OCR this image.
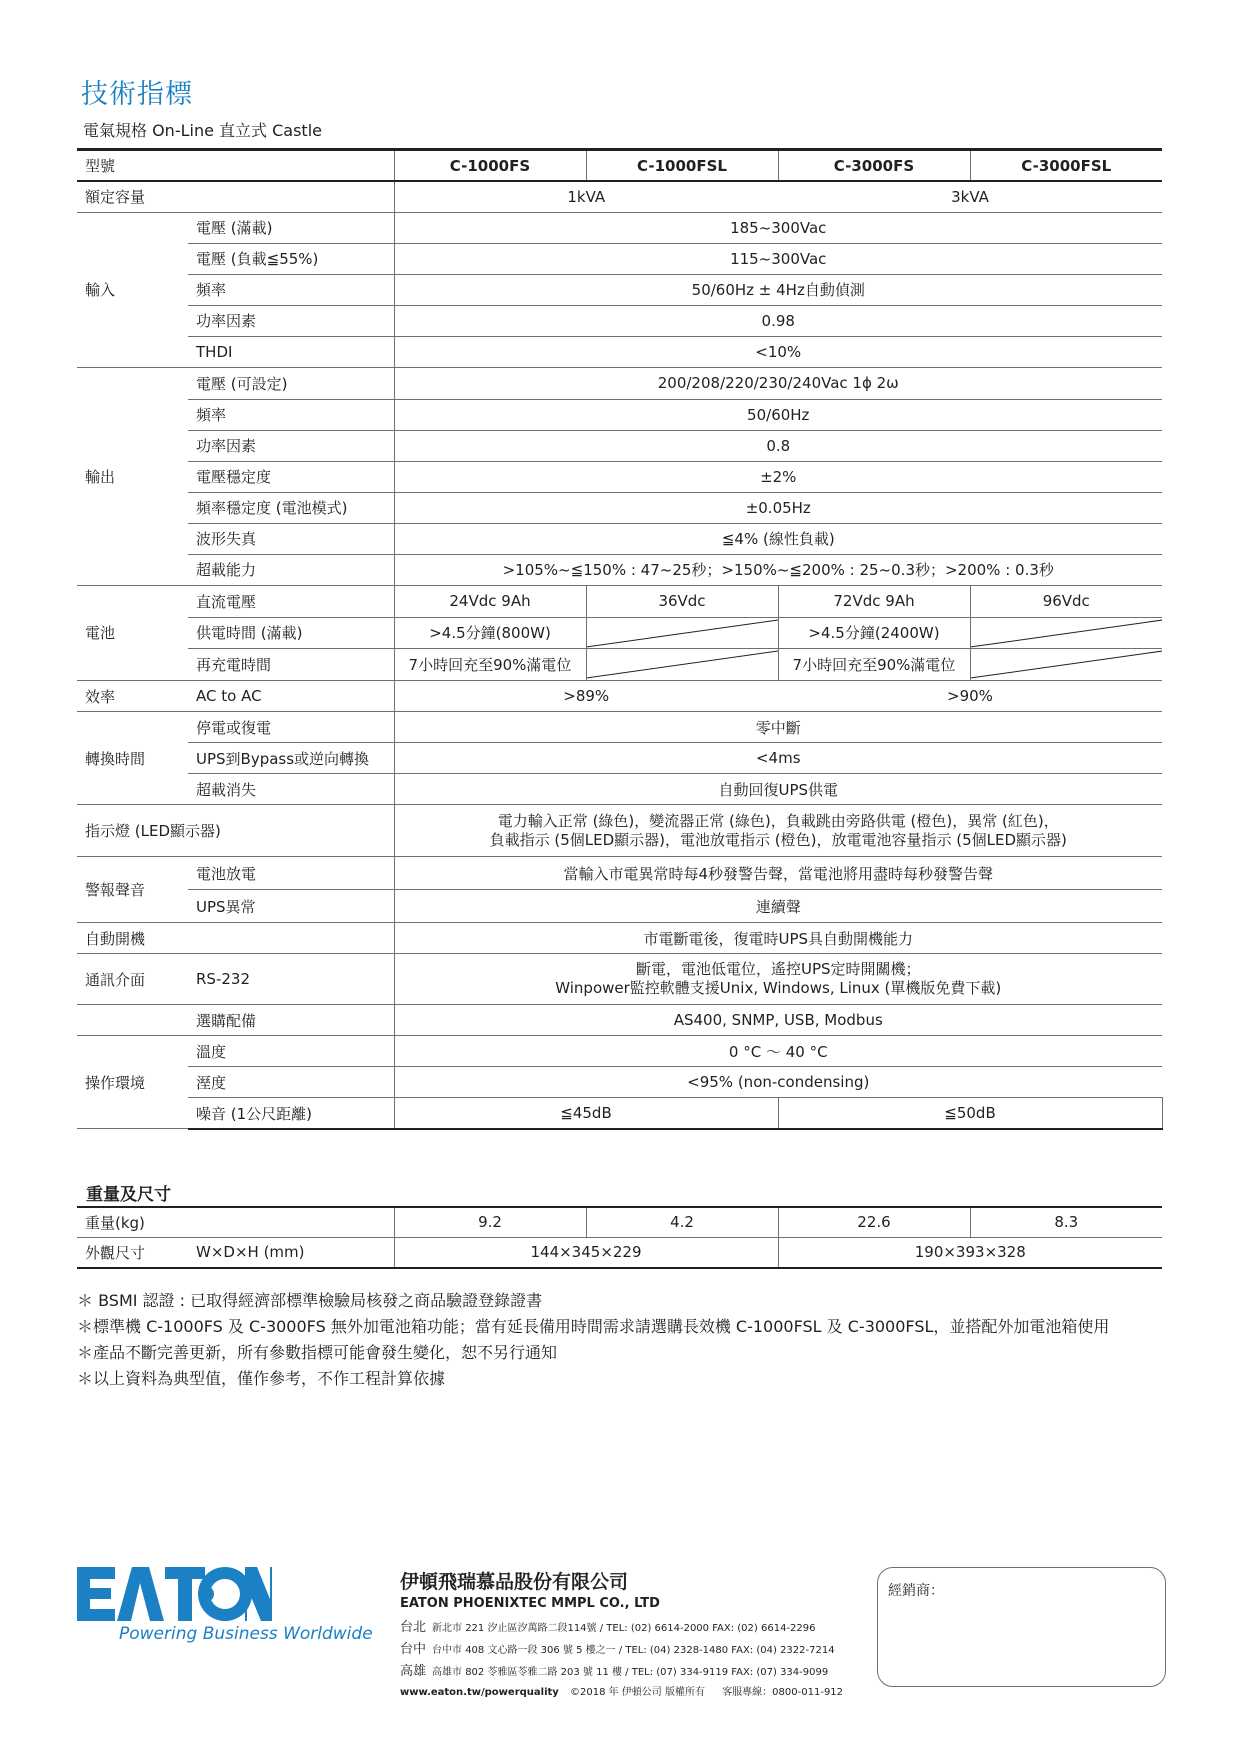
技術指標
電氣規格 On-Line 直立式 Castle
型號		C-1000FS	C-1000FSL	C-3000FS	C-3000FSL
額定容量		1kVA		3kVA	
輸入	電壓 (滿載)	185~300Vac			
	電壓 (負載≦55%)	115~300Vac			
	頻率	50/60Hz ± 4Hz自動偵測			
	功率因素	0.98			
	THDI	<10%			
輸出	電壓 (可設定)	200/208/220/230/240Vac 1ϕ 2ω			
	頻率	50/60Hz			
	功率因素	0.8			
	電壓穩定度	±2%			
	頻率穩定度 (電池模式)	±0.05Hz			
	波形失真	≦4% (線性負載)			
	超載能力	>105%~≦150% : 47~25秒；>150%~≦200% : 25~0.3秒；>200% : 0.3秒			
電池	直流電壓	24Vdc 9Ah	36Vdc	72Vdc 9Ah	96Vdc
	供電時間 (滿載)	>4.5分鐘(800W)		>4.5分鐘(2400W)	

	再充電時間	7小時回充至90%滿電位		7小時回充至90%滿電位	

效率	AC to AC	>89%		>90%	
轉換時間	停電或復電	零中斷			
	UPS到Bypass或逆向轉換	<4ms			
	超載消失	自動回復UPS供電			
指示燈 (LED顯示器)		電力輸入正常 (綠色)，變流器正常 (綠色)，負載跳由旁路供電 (橙色)，異常 (紅色)，
負載指示 (5個LED顯示器)，電池放電指示 (橙色)，放電電池容量指示 (5個LED顯示器)			

警報聲音	電池放電	當輸入市電異常時每4秒發警告聲，當電池將用盡時每秒發警告聲			
	UPS異常	連續聲			
自動開機		市電斷電後，復電時UPS具自動開機能力			
通訊介面	RS-232	斷電，電池低電位，遙控UPS定時開關機；
Winpower監控軟體支援Unix, Windows, Linux (單機版免費下載)			

	選購配備	AS400, SNMP, USB, Modbus			
操作環境	溫度	0 °C ～ 40 °C			
	溼度	<95% (non-condensing)			
	噪音 (1公尺距離)	≦45dB		≦50dB	
重量及尺寸
重量(kg)		9.2	4.2	22.6	8.3
外觀尺寸	W×D×H (mm)	144×345×229		190×393×328	
＊ BSMI 認證 : 已取得經濟部標準檢驗局核發之商品驗證登錄證書
＊標準機 C-1000FS 及 C-3000FS 無外加電池箱功能；當有延長備用時間需求請選購長效機 C-1000FSL 及 C-3000FSL，並搭配外加電池箱使用
＊產品不斷完善更新，所有參數指標可能會發生變化，恕不另行通知
＊以上資料為典型值，僅作參考，不作工程計算依據
Powering Business Worldwide
伊頓飛瑞慕品股份有限公司
EATON PHOENIXTEC MMPL CO., LTD
台北 新北市 221 汐止區汐萬路二段114號 / TEL: (02) 6614-2000 FAX: (02) 6614-2296
台中 台中市 408 文心路一段 306 號 5 樓之一 / TEL: (04) 2328-1480 FAX: (04) 2322-7214
高雄 高雄市 802 苓雅區苓雅二路 203 號 11 樓 / TEL: (07) 334-9119 FAX: (07) 334-9099
www.eaton.tw/powerquality ©2018 年 伊頓公司 版權所有 客服專線：0800-011-912
經銷商：
